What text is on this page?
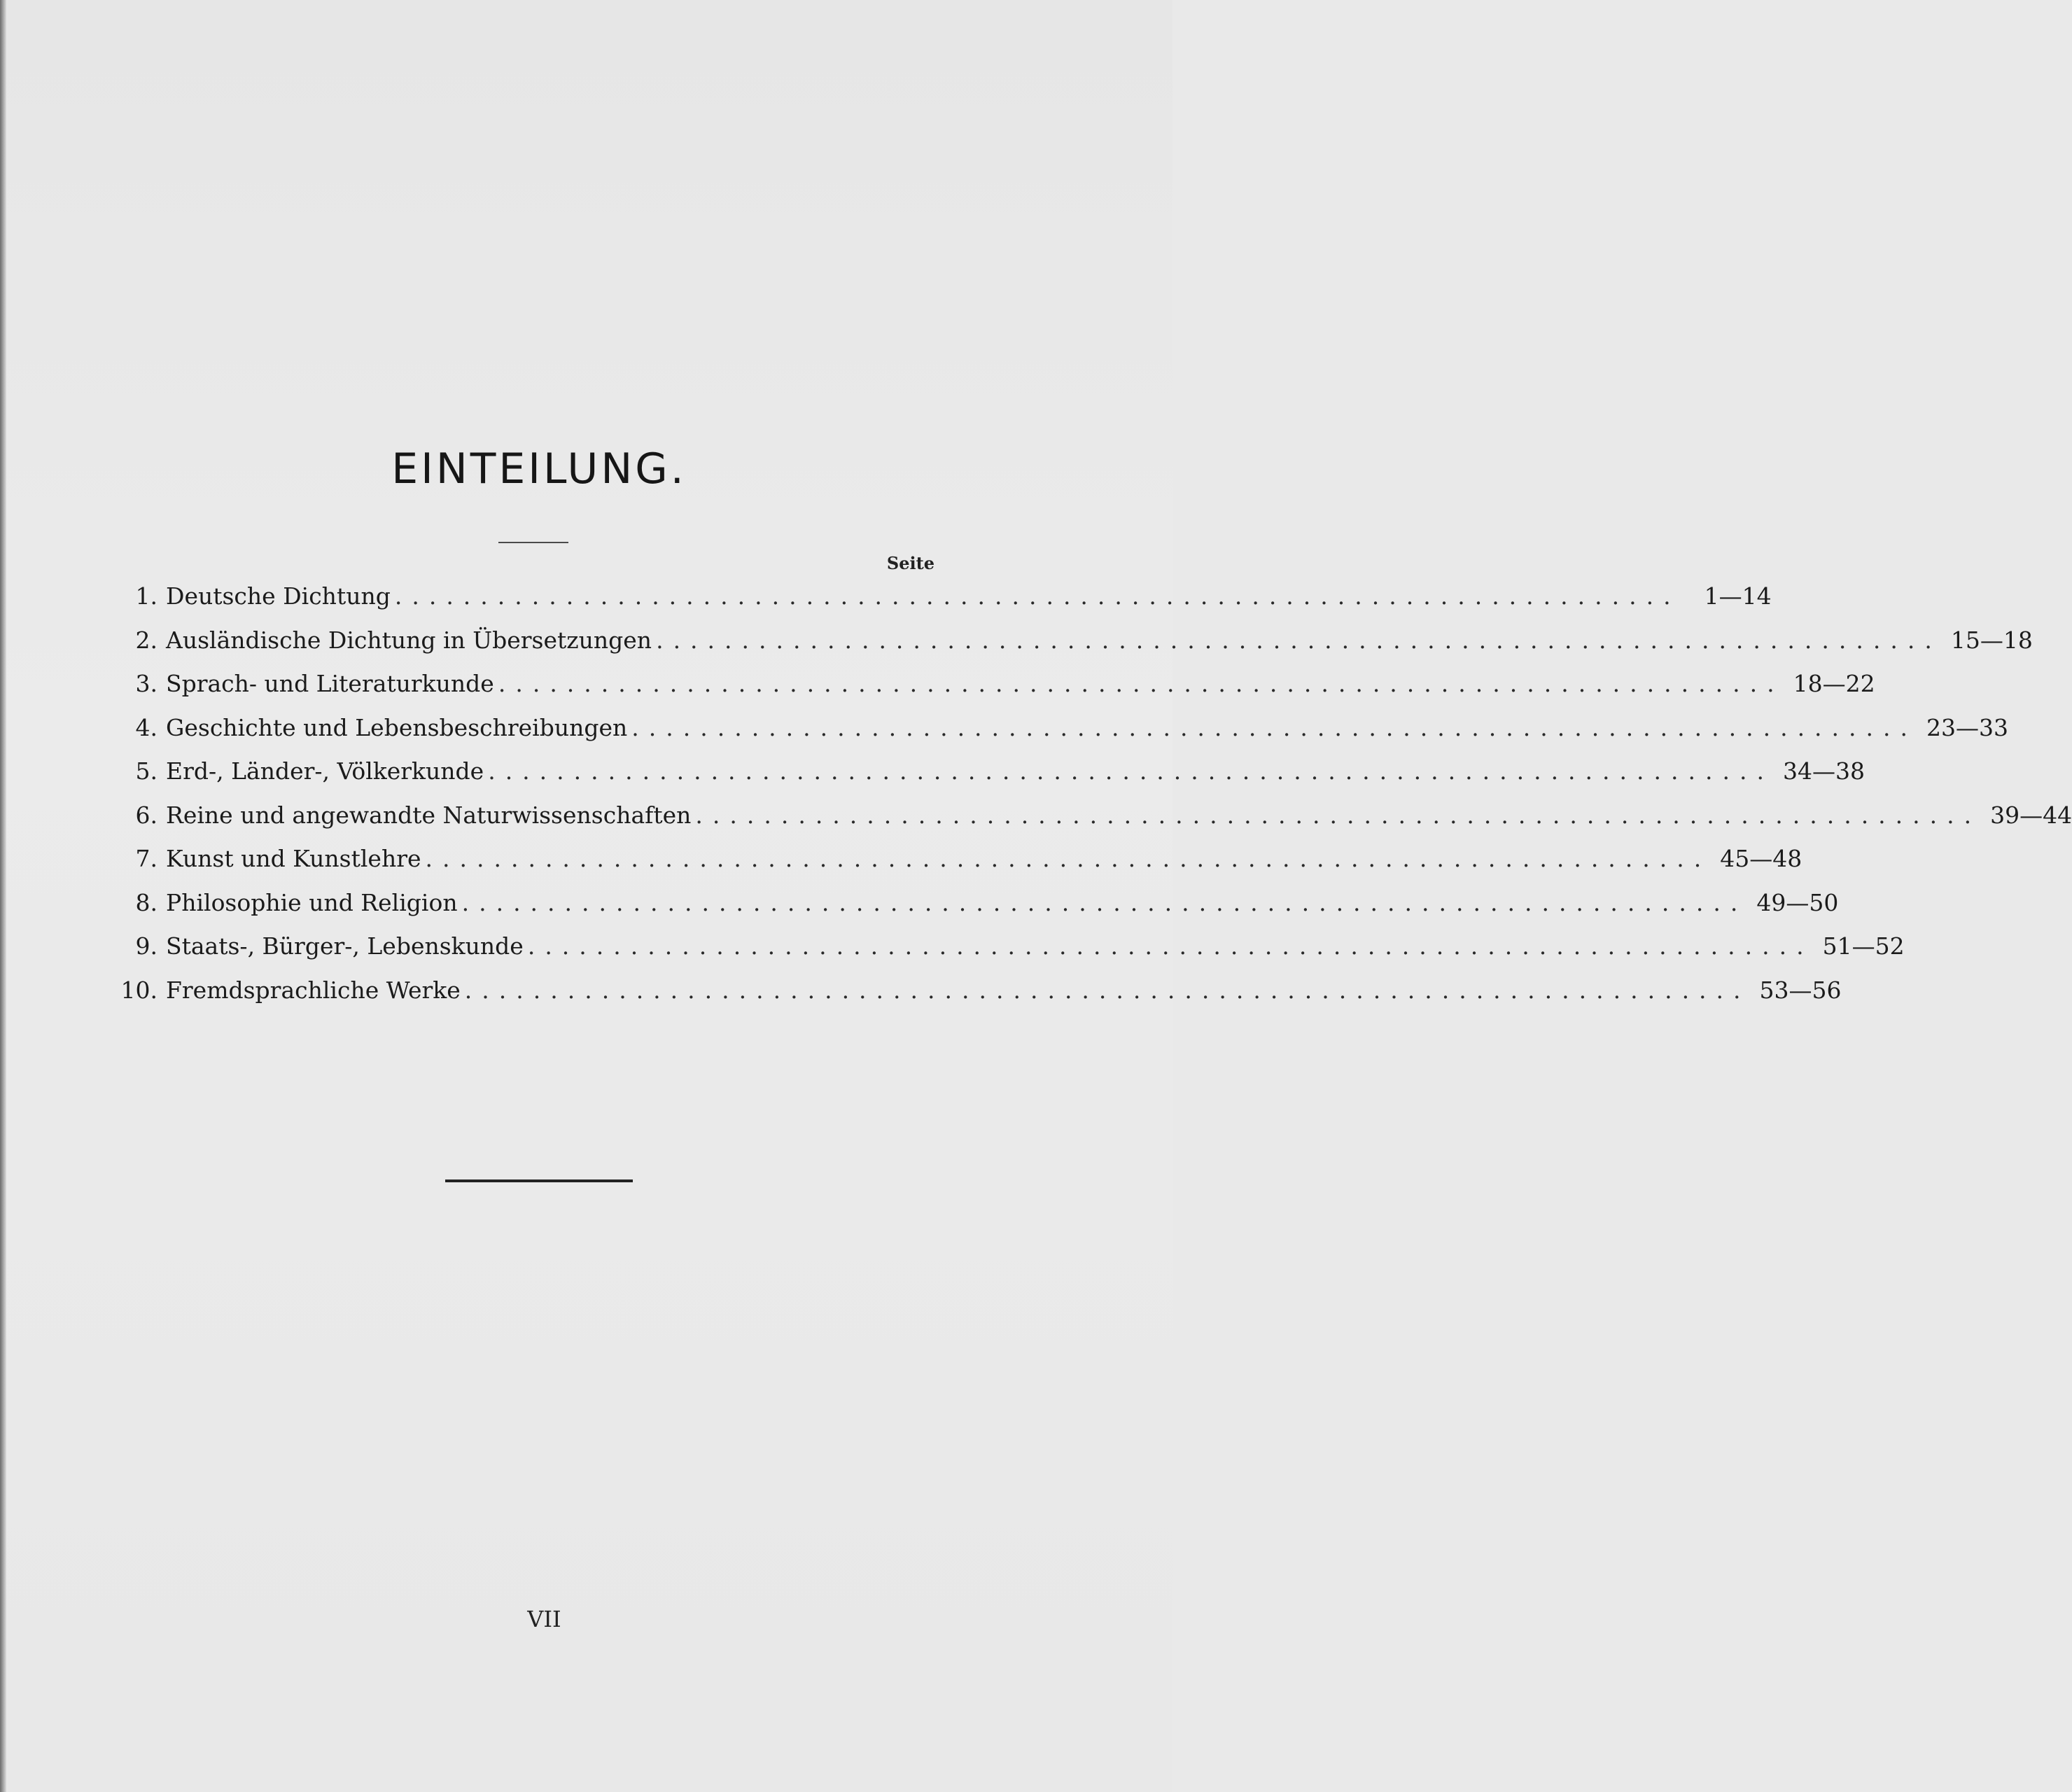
EINTEILUNG.
Seite
1. Deutsche Dichtung ...........................................................................	1—14
2. Ausländische Dichtung in Übersetzungen ........................................................................... 15—18
3. Sprach- und Literaturkunde ........................................................................... 18—22
4. Geschichte und Lebensbeschreibungen ........................................................................... 23—33
5. Erd-, Länder-, Völkerkunde ........................................................................... 34—38
6. Reine und angewandte Naturwissenschaften ........................................................................... 39—44
7. Kunst und Kunstlehre ........................................................................... 45—48
8. Philosophie und Religion ........................................................................... 49—50
9. Staats-, Bürger-, Lebenskunde ........................................................................... 51—52
10. Fremdsprachliche Werke ........................................................................... 53—56
VII
